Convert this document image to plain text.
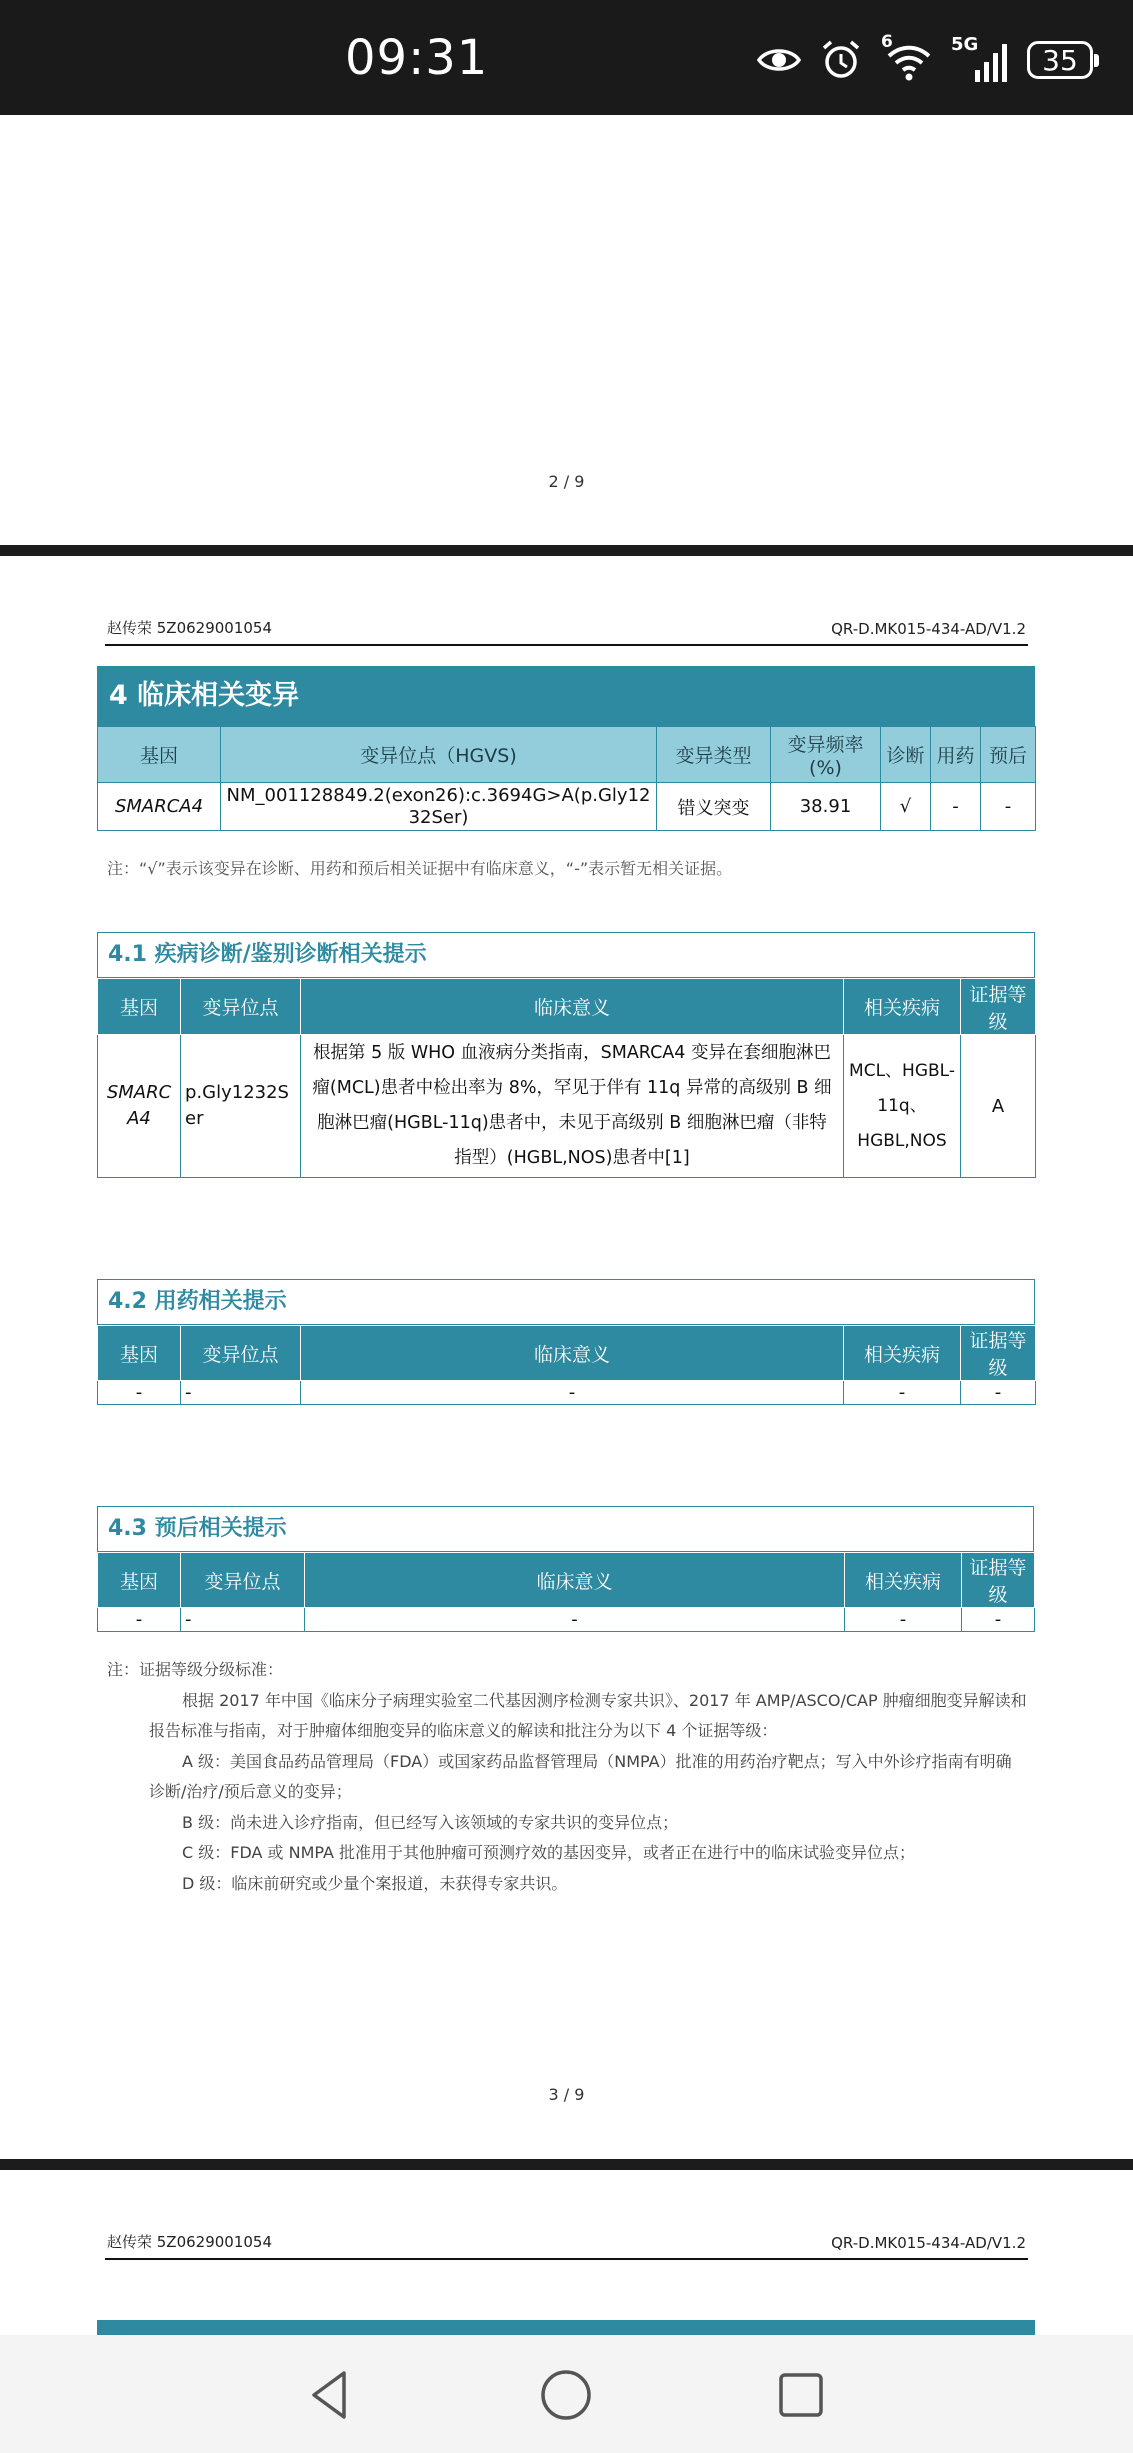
09:31	6	5G 35
2 / 9
赵传荣 5Z0629001054	QR-D.MK015-434-AD/V1.2
4 临床相关变异
基因	变异位点（HGVS)	变异类型	变异频率(%)	诊断	用药	预后
SMARCA4	NM_001128849.2(exon26):c.3694G>A(p.Gly1232Ser)	错义突变	38.91	√	-	-
注：“√”表示该变异在诊断、用药和预后相关证据中有临床意义，“-”表示暂无相关证据。
4.1 疾病诊断/鉴别诊断相关提示
基因	变异位点	临床意义	相关疾病	证据等级
SMARCA4	p.Gly1232Ser	根据第 5 版 WHO 血液病分类指南，SMARCA4 变异在套细胞淋巴瘤(MCL)患者中检出率为 8%，罕见于伴有 11q 异常的高级别 B 细胞淋巴瘤(HGBL-11q)患者中，未见于高级别 B 细胞淋巴瘤（非特指型）(HGBL,NOS)患者中[1]	MCL、HGBL-11q、HGBL,NOS	A
4.2 用药相关提示
基因	变异位点	临床意义	相关疾病	证据等级
-	-	-	-	-
4.3 预后相关提示
基因	变异位点	临床意义	相关疾病	证据等级
-	-	-	-	-

注：证据等级分级标准：

根据 2017 年中国《临床分子病理实验室二代基因测序检测专家共识》、2017 年 AMP/ASCO/CAP 肿瘤细胞变异解读和报告标准与指南，对于肿瘤体细胞变异的临床意义的解读和批注分为以下 4 个证据等级：

A 级：美国食品药品管理局（FDA）或国家药品监督管理局（NMPA）批准的用药治疗靶点；写入中外诊疗指南有明确诊断/治疗/预后意义的变异；

B 级：尚未进入诊疗指南，但已经写入该领域的专家共识的变异位点；

C 级：FDA 或 NMPA 批准用于其他肿瘤可预测疗效的基因变异，或者正在进行中的临床试验变异位点；

D 级：临床前研究或少量个案报道，未获得专家共识。

3 / 9
赵传荣 5Z0629001054	QR-D.MK015-434-AD/V1.2
